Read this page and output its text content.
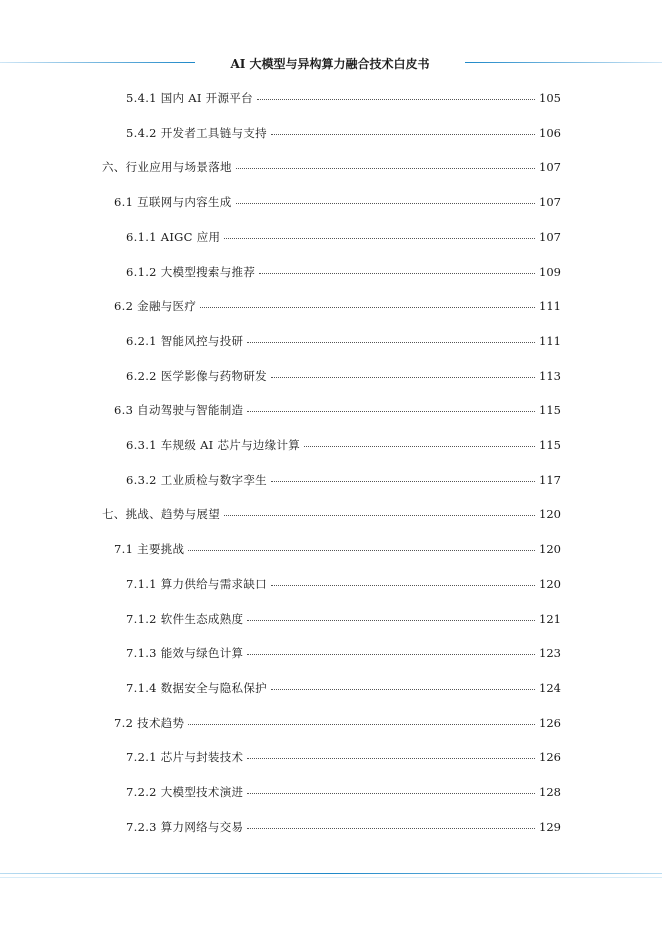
AI 大模型与异构算力融合技术白皮书
5.4.1 国内 AI 开源平台	105
5.4.2 开发者工具链与支持	106
六、行业应用与场景落地	107
6.1 互联网与内容生成	107
6.1.1 AIGC 应用	107
6.1.2 大模型搜索与推荐	109
6.2 金融与医疗	111
6.2.1 智能风控与投研	111
6.2.2 医学影像与药物研发	113
6.3 自动驾驶与智能制造	115
6.3.1 车规级 AI 芯片与边缘计算	115
6.3.2 工业质检与数字孪生	117
七、挑战、趋势与展望	120
7.1 主要挑战	120
7.1.1 算力供给与需求缺口	120
7.1.2 软件生态成熟度	121
7.1.3 能效与绿色计算	123
7.1.4 数据安全与隐私保护	124
7.2 技术趋势	126
7.2.1 芯片与封装技术	126
7.2.2 大模型技术演进	128
7.2.3 算力网络与交易	129
